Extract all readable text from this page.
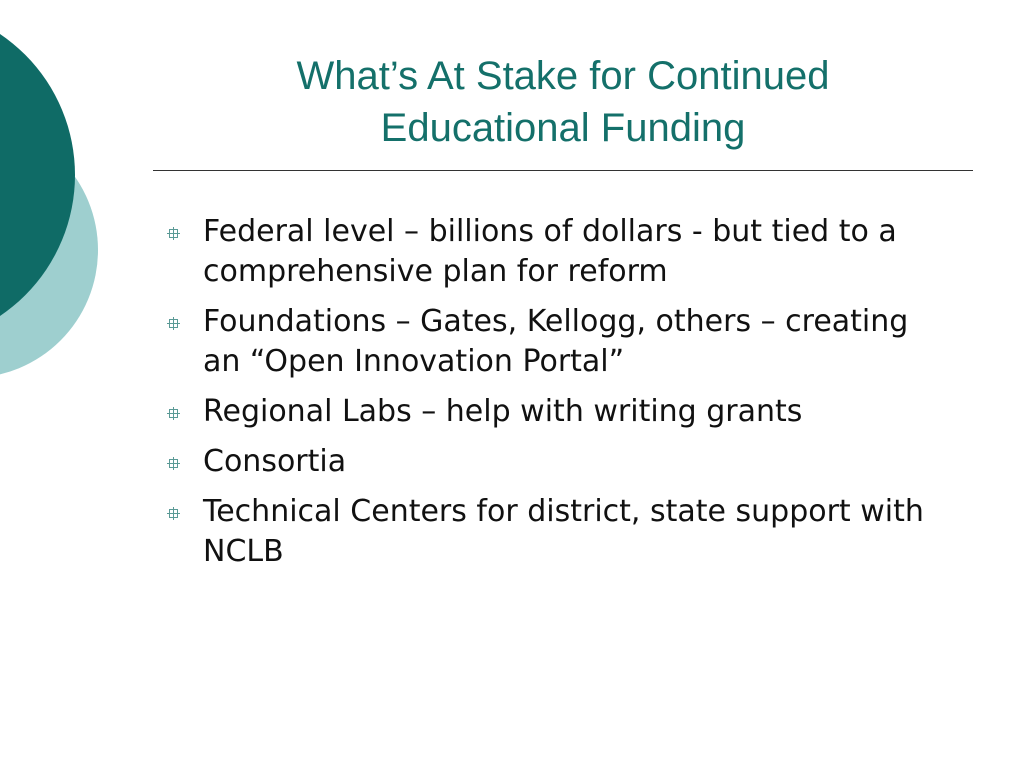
What’s At Stake for Continued
Educational Funding
Federal level – billions of dollars - but tied to a comprehensive plan for reform
Foundations – Gates, Kellogg, others – creating an “Open Innovation Portal”
Regional Labs – help with writing grants
Consortia
Technical Centers for district, state support with NCLB
